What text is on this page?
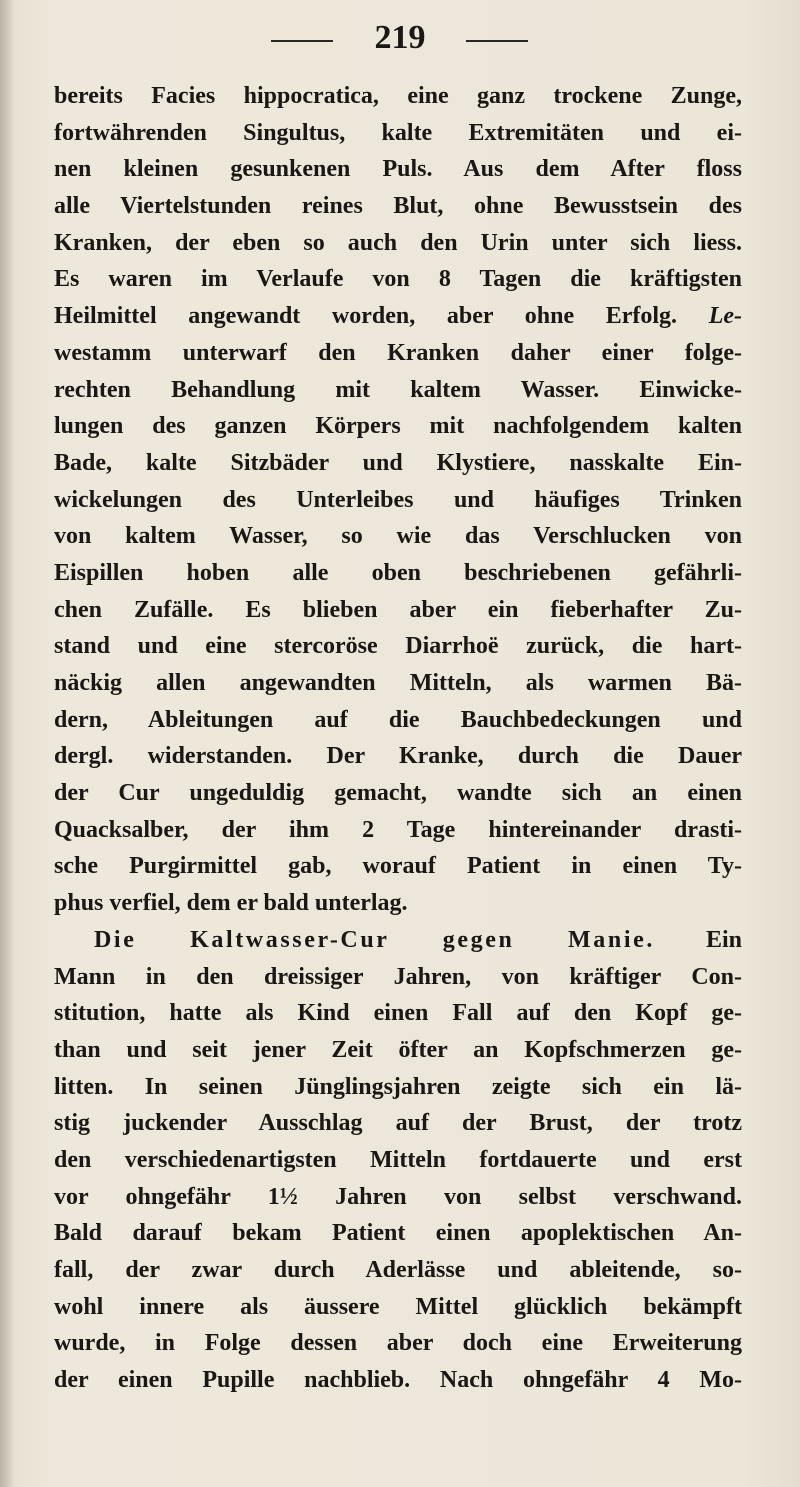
219
bereits Facies hippocratica, eine ganz trockene Zunge,
fortwährenden Singultus, kalte Extremitäten und ei-
nen kleinen gesunkenen Puls. Aus dem After floss
alle Viertelstunden reines Blut, ohne Bewusstsein des
Kranken, der eben so auch den Urin unter sich liess.
Es waren im Verlaufe von 8 Tagen die kräftigsten
Heilmittel angewandt worden, aber ohne Erfolg. Le-
westamm unterwarf den Kranken daher einer folge-
rechten Behandlung mit kaltem Wasser. Einwicke-
lungen des ganzen Körpers mit nachfolgendem kalten
Bade, kalte Sitzbäder und Klystiere, nasskalte Ein-
wickelungen des Unterleibes und häufiges Trinken
von kaltem Wasser, so wie das Verschlucken von
Eispillen hoben alle oben beschriebenen gefährli-
chen Zufälle. Es blieben aber ein fieberhafter Zu-
stand und eine stercoröse Diarrhoë zurück, die hart-
näckig allen angewandten Mitteln, als warmen Bä-
dern, Ableitungen auf die Bauchbedeckungen und
dergl. widerstanden. Der Kranke, durch die Dauer
der Cur ungeduldig gemacht, wandte sich an einen
Quacksalber, der ihm 2 Tage hintereinander drasti-
sche Purgirmittel gab, worauf Patient in einen Ty-
phus verfiel, dem er bald unterlag.
Die Kaltwasser-Cur gegen Manie. Ein
Mann in den dreissiger Jahren, von kräftiger Con-
stitution, hatte als Kind einen Fall auf den Kopf ge-
than und seit jener Zeit öfter an Kopfschmerzen ge-
litten. In seinen Jünglingsjahren zeigte sich ein lä-
stig juckender Ausschlag auf der Brust, der trotz
den verschiedenartigsten Mitteln fortdauerte und erst
vor ohngefähr 1½ Jahren von selbst verschwand.
Bald darauf bekam Patient einen apoplektischen An-
fall, der zwar durch Aderlässe und ableitende, so-
wohl innere als äussere Mittel glücklich bekämpft
wurde, in Folge dessen aber doch eine Erweiterung
der einen Pupille nachblieb. Nach ohngefähr 4 Mo-
